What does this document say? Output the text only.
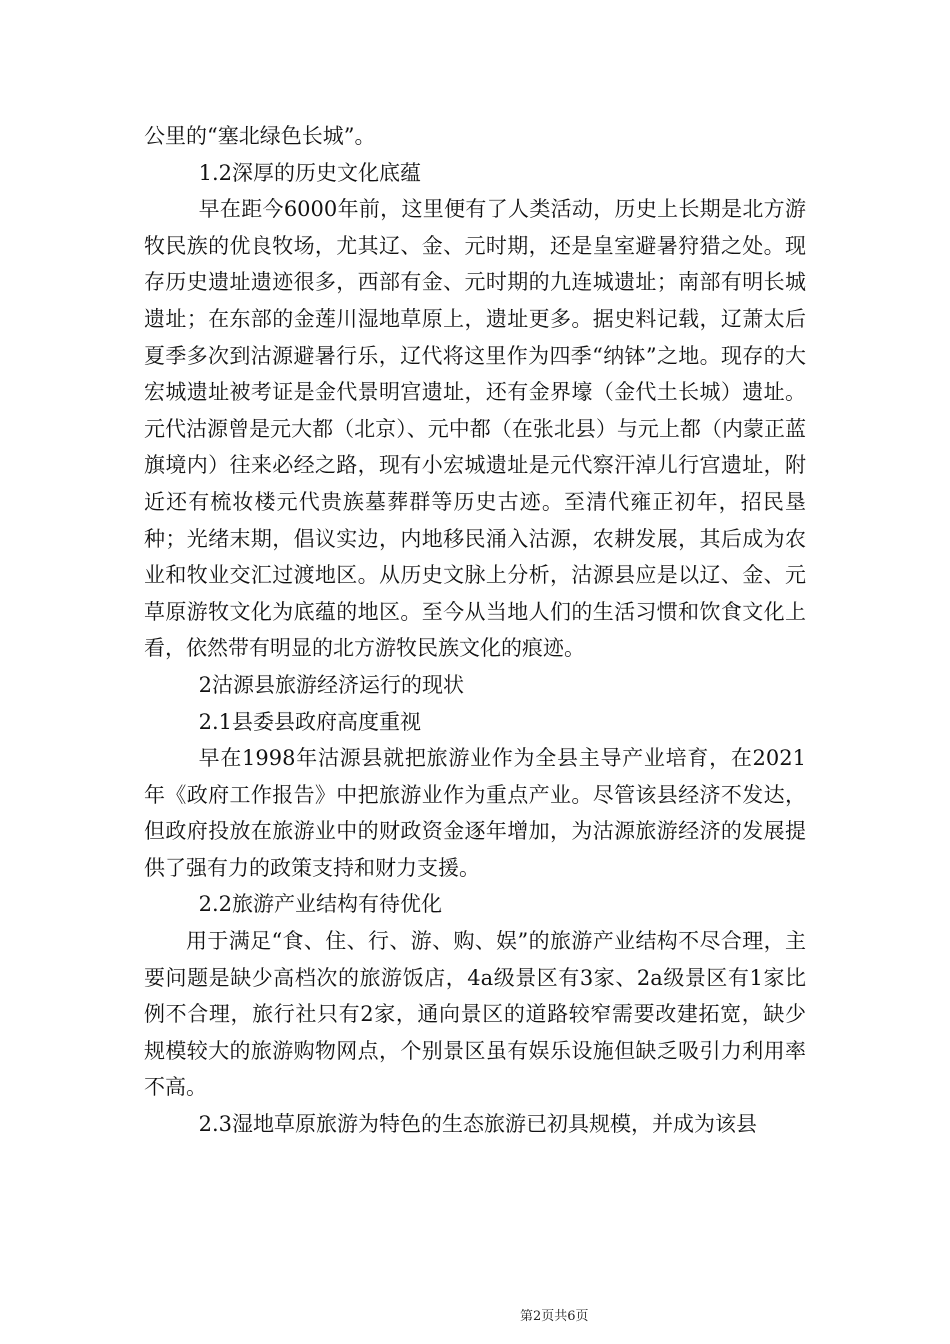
公里的“塞北绿色长城”。

1.2深厚的历史文化底蕴

早在距今6000年前，这里便有了人类活动，历史上长期是北方游牧民族的优良牧场，尤其辽、金、元时期，还是皇室避暑狩猎之处。现存历史遗址遗迹很多，西部有金、元时期的九连城遗址；南部有明长城遗址；在东部的金莲川湿地草原上，遗址更多。据史料记载，辽萧太后夏季多次到沽源避暑行乐，辽代将这里作为四季“纳钵”之地。现存的大宏城遗址被考证是金代景明宫遗址，还有金界壕（金代土长城）遗址。元代沽源曾是元大都（北京）、元中都（在张北县）与元上都（内蒙正蓝旗境内）往来必经之路，现有小宏城遗址是元代察汗淖儿行宫遗址，附近还有梳妆楼元代贵族墓葬群等历史古迹。至清代雍正初年，招民垦种；光绪末期，倡议实边，内地移民涌入沽源，农耕发展，其后成为农业和牧业交汇过渡地区。从历史文脉上分析，沽源县应是以辽、金、元草原游牧文化为底蕴的地区。至今从当地人们的生活习惯和饮食文化上看，依然带有明显的北方游牧民族文化的痕迹。

2沽源县旅游经济运行的现状

2.1县委县政府高度重视

早在1998年沽源县就把旅游业作为全县主导产业培育，在2021年《政府工作报告》中把旅游业作为重点产业。尽管该县经济不发达，但政府投放在旅游业中的财政资金逐年增加，为沽源旅游经济的发展提供了强有力的政策支持和财力支援。

2.2旅游产业结构有待优化

用于满足“食、住、行、游、购、娱”的旅游产业结构不尽合理，主要问题是缺少高档次的旅游饭店，4a级景区有3家、2a级景区有1家比例不合理，旅行社只有2家，通向景区的道路较窄需要改建拓宽，缺少规模较大的旅游购物网点，个别景区虽有娱乐设施但缺乏吸引力利用率不高。

2.3湿地草原旅游为特色的生态旅游已初具规模，并成为该县

第2页共6页
